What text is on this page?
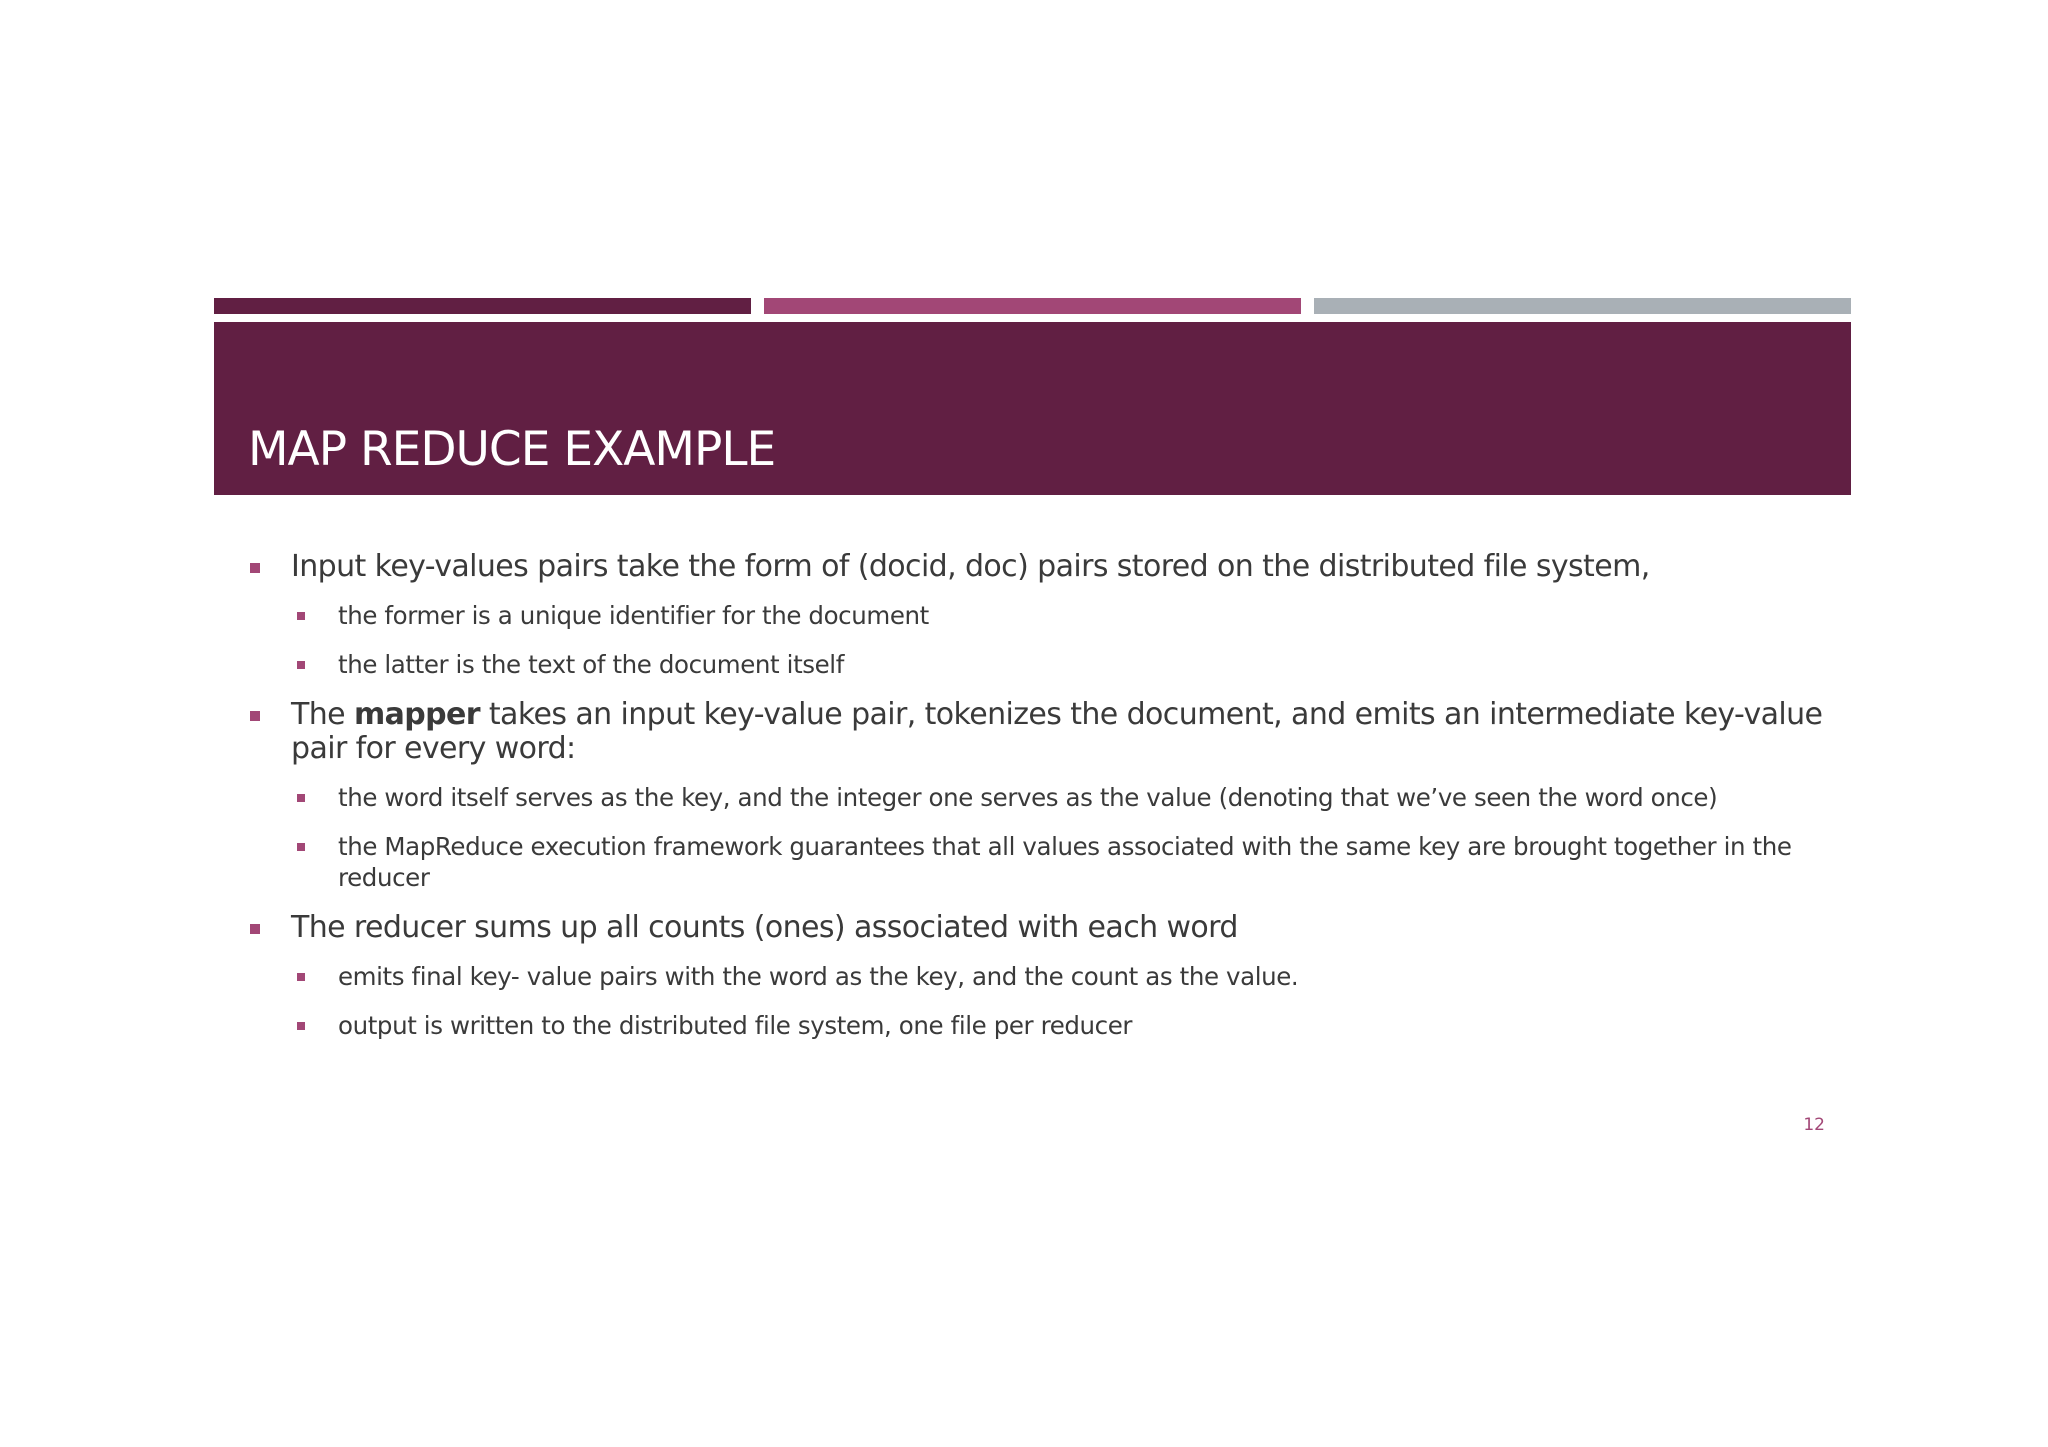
MAP REDUCE EXAMPLE
Input key-values pairs take the form of (docid, doc) pairs stored on the distributed file system,
the former is a unique identifier for the document
the latter is the text of the document itself
The mapper takes an input key-value pair, tokenizes the document, and emits an intermediate key-value pair for every word:
the word itself serves as the key, and the integer one serves as the value (denoting that we’ve seen the word once)
the MapReduce execution framework guarantees that all values associated with the same key are brought together in the reducer
The reducer sums up all counts (ones) associated with each word
emits final key- value pairs with the word as the key, and the count as the value.
output is written to the distributed file system, one file per reducer
12
